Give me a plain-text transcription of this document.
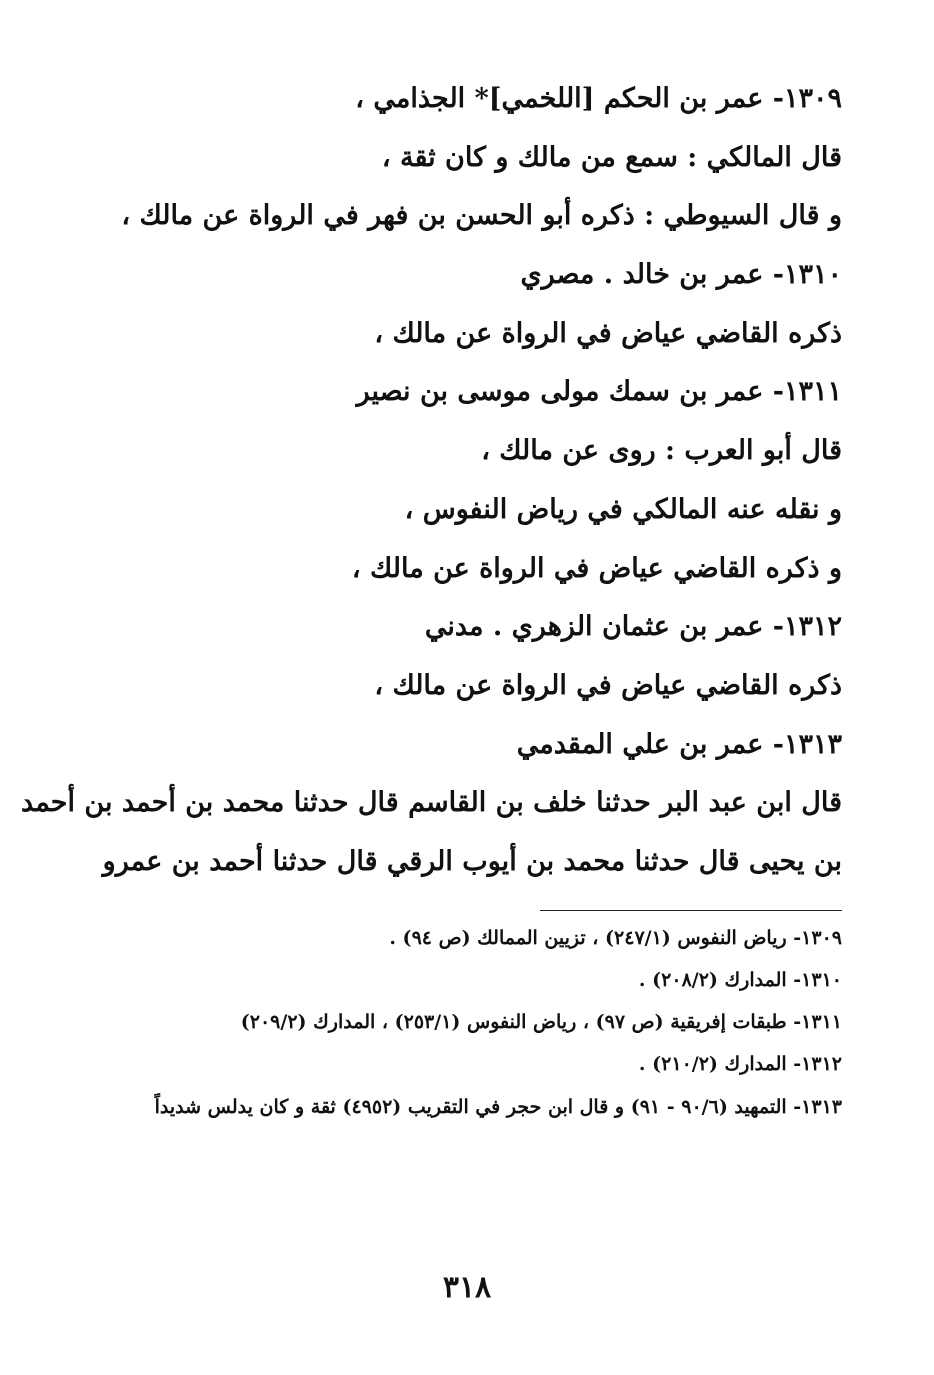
١٣٠٩- عمر بن الحكم [اللخمي]* الجذامي ،
قال المالكي : سمع من مالك و كان ثقة ،
و قال السيوطي : ذكره أبو الحسن بن فهر في الرواة عن مالك ،
١٣١٠- عمر بن خالد . مصري
ذكره القاضي عياض في الرواة عن مالك ،
١٣١١- عمر بن سمك مولى موسى بن نصير
قال أبو العرب : روى عن مالك ،
و نقله عنه المالكي في رياض النفوس ،
و ذكره القاضي عياض في الرواة عن مالك ،
١٣١٢- عمر بن عثمان الزهري . مدني
ذكره القاضي عياض في الرواة عن مالك ،
١٣١٣- عمر بن علي المقدمي
قال ابن عبد البر حدثنا خلف بن القاسم قال حدثنا محمد بن أحمد بن أحمد
بن يحيى قال حدثنا محمد بن أيوب الرقي قال حدثنا أحمد بن عمرو
١٣٠٩- رياض النفوس (٢٤٧/١) ، تزيين الممالك (ص ٩٤) .
١٣١٠- المدارك (٢٠٨/٢) .
١٣١١- طبقات إفريقية (ص ٩٧) ، رياض النفوس (٢٥٣/١) ، المدارك (٢٠٩/٢)
١٣١٢- المدارك (٢١٠/٢) .
١٣١٣- التمهيد (٩٠/٦ - ٩١) و قال ابن حجر في التقريب (٤٩٥٢) ثقة و كان يدلس شديداً
٣١٨
